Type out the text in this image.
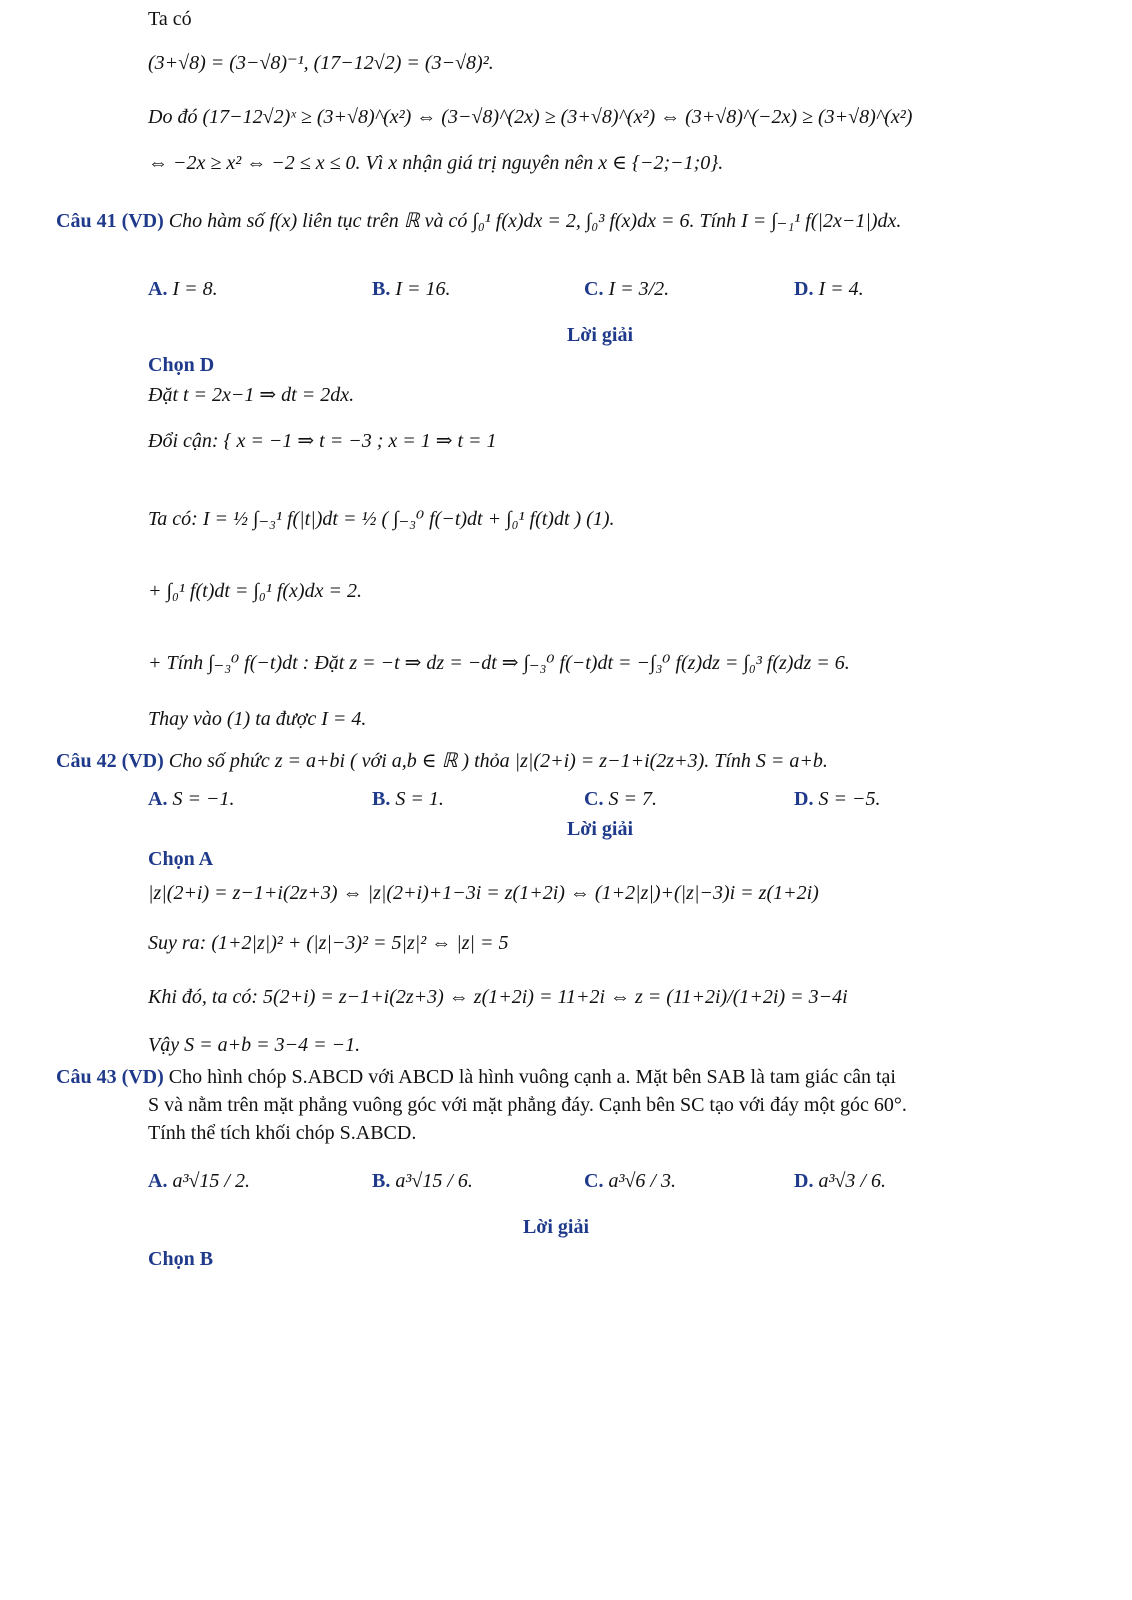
Ta có
(3+√8) = (3−√8)⁻¹, (17−12√2) = (3−√8)².
Do đó (17−12√2)ˣ ≥ (3+√8)^(x²) ⇔ (3−√8)^(2x) ≥ (3+√8)^(x²) ⇔ (3+√8)^(−2x) ≥ (3+√8)^(x²)
⇔ −2x ≥ x² ⇔ −2 ≤ x ≤ 0. Vì x nhận giá trị nguyên nên x ∈ {−2;−1;0}.
Câu 41 (VD) Cho hàm số f(x) liên tục trên ℝ và có ∫₀¹ f(x)dx = 2, ∫₀³ f(x)dx = 6. Tính I = ∫₋₁¹ f(|2x−1|)dx.
A. I = 8.	B. I = 16.	C. I = 3/2.	D. I = 4.
Lời giải
Chọn D
Đặt t = 2x−1 ⇒ dt = 2dx.
Đổi cận: { x = −1 ⇒ t = −3 ; x = 1 ⇒ t = 1
Ta có: I = ½ ∫₋₃¹ f(|t|)dt = ½ ( ∫₋₃⁰ f(−t)dt + ∫₀¹ f(t)dt ) (1).
+ ∫₀¹ f(t)dt = ∫₀¹ f(x)dx = 2.
+ Tính ∫₋₃⁰ f(−t)dt : Đặt z = −t ⇒ dz = −dt ⇒ ∫₋₃⁰ f(−t)dt = −∫₃⁰ f(z)dz = ∫₀³ f(z)dz = 6.
Thay vào (1) ta được I = 4.
Câu 42 (VD) Cho số phức z = a+bi ( với a,b ∈ ℝ ) thỏa |z|(2+i) = z−1+i(2z+3). Tính S = a+b.
A. S = −1.	B. S = 1.	C. S = 7.	D. S = −5.
Lời giải
Chọn A
|z|(2+i) = z−1+i(2z+3) ⇔ |z|(2+i)+1−3i = z(1+2i) ⇔ (1+2|z|)+(|z|−3)i = z(1+2i)
Suy ra: (1+2|z|)² + (|z|−3)² = 5|z|² ⇔ |z| = 5
Khi đó, ta có: 5(2+i) = z−1+i(2z+3) ⇔ z(1+2i) = 11+2i ⇔ z = (11+2i)/(1+2i) = 3−4i
Vậy S = a+b = 3−4 = −1.
Câu 43 (VD) Cho hình chóp S.ABCD với ABCD là hình vuông cạnh a. Mặt bên SAB là tam giác cân tại
S và nằm trên mặt phẳng vuông góc với mặt phẳng đáy. Cạnh bên SC tạo với đáy một góc 60°.
Tính thể tích khối chóp S.ABCD.
A. a³√15 / 2.	B. a³√15 / 6.	C. a³√6 / 3.	D. a³√3 / 6.
Lời giải
Chọn B
